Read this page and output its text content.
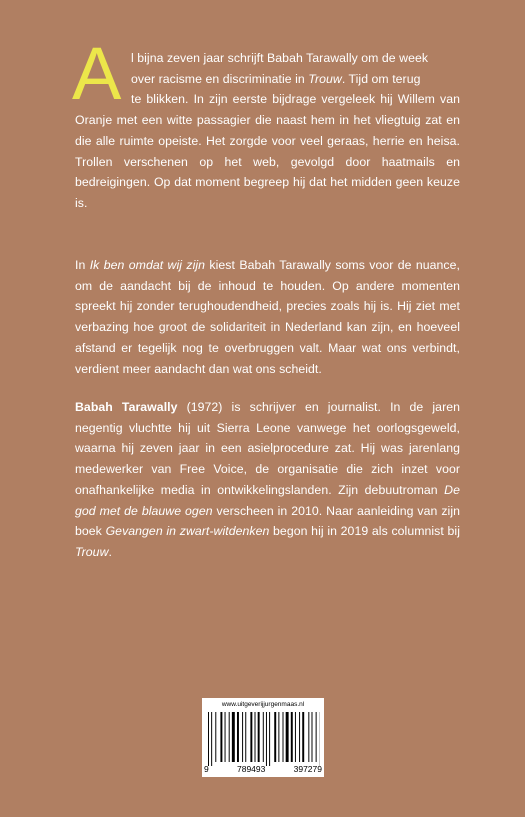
A l bijna zeven jaar schrijft Babah Tarawally om de week
over racisme en discriminatie in Trouw. Tijd om terug
te blikken. In zijn eerste bijdrage vergeleek hij Willem van Oranje met een witte passagier die naast hem in het vliegtuig zat en die alle ruimte opeiste. Het zorgde voor veel geraas, herrie en heisa. Trollen verschenen op het web, gevolgd door haatmails en bedreigingen. Op dat moment begreep hij dat het midden geen keuze is.

In Ik ben omdat wij zijn kiest Babah Tarawally soms voor de nuance, om de aandacht bij de inhoud te houden. Op andere momenten spreekt hij zonder terughoudendheid, precies zoals hij is. Hij ziet met verbazing hoe groot de solidariteit in Nederland kan zijn, en hoeveel afstand er tegelijk nog te overbruggen valt. Maar wat ons verbindt, verdient meer aandacht dan wat ons scheidt.

Babah Tarawally (1972) is schrijver en journalist. In de jaren negentig vluchtte hij uit Sierra Leone vanwege het oorlogsgeweld, waarna hij zeven jaar in een asielprocedure zat. Hij was jarenlang medewerker van Free Voice, de organisatie die zich inzet voor onafhankelijke media in ontwikkelingslanden. Zijn debuutroman De god met de blauwe ogen verscheen in 2010. Naar aanleiding van zijn boek Gevangen in zwart-witdenken begon hij in 2019 als columnist bij Trouw.

www.uitgeverijjurgenmaas.nl
9	789493	397279
